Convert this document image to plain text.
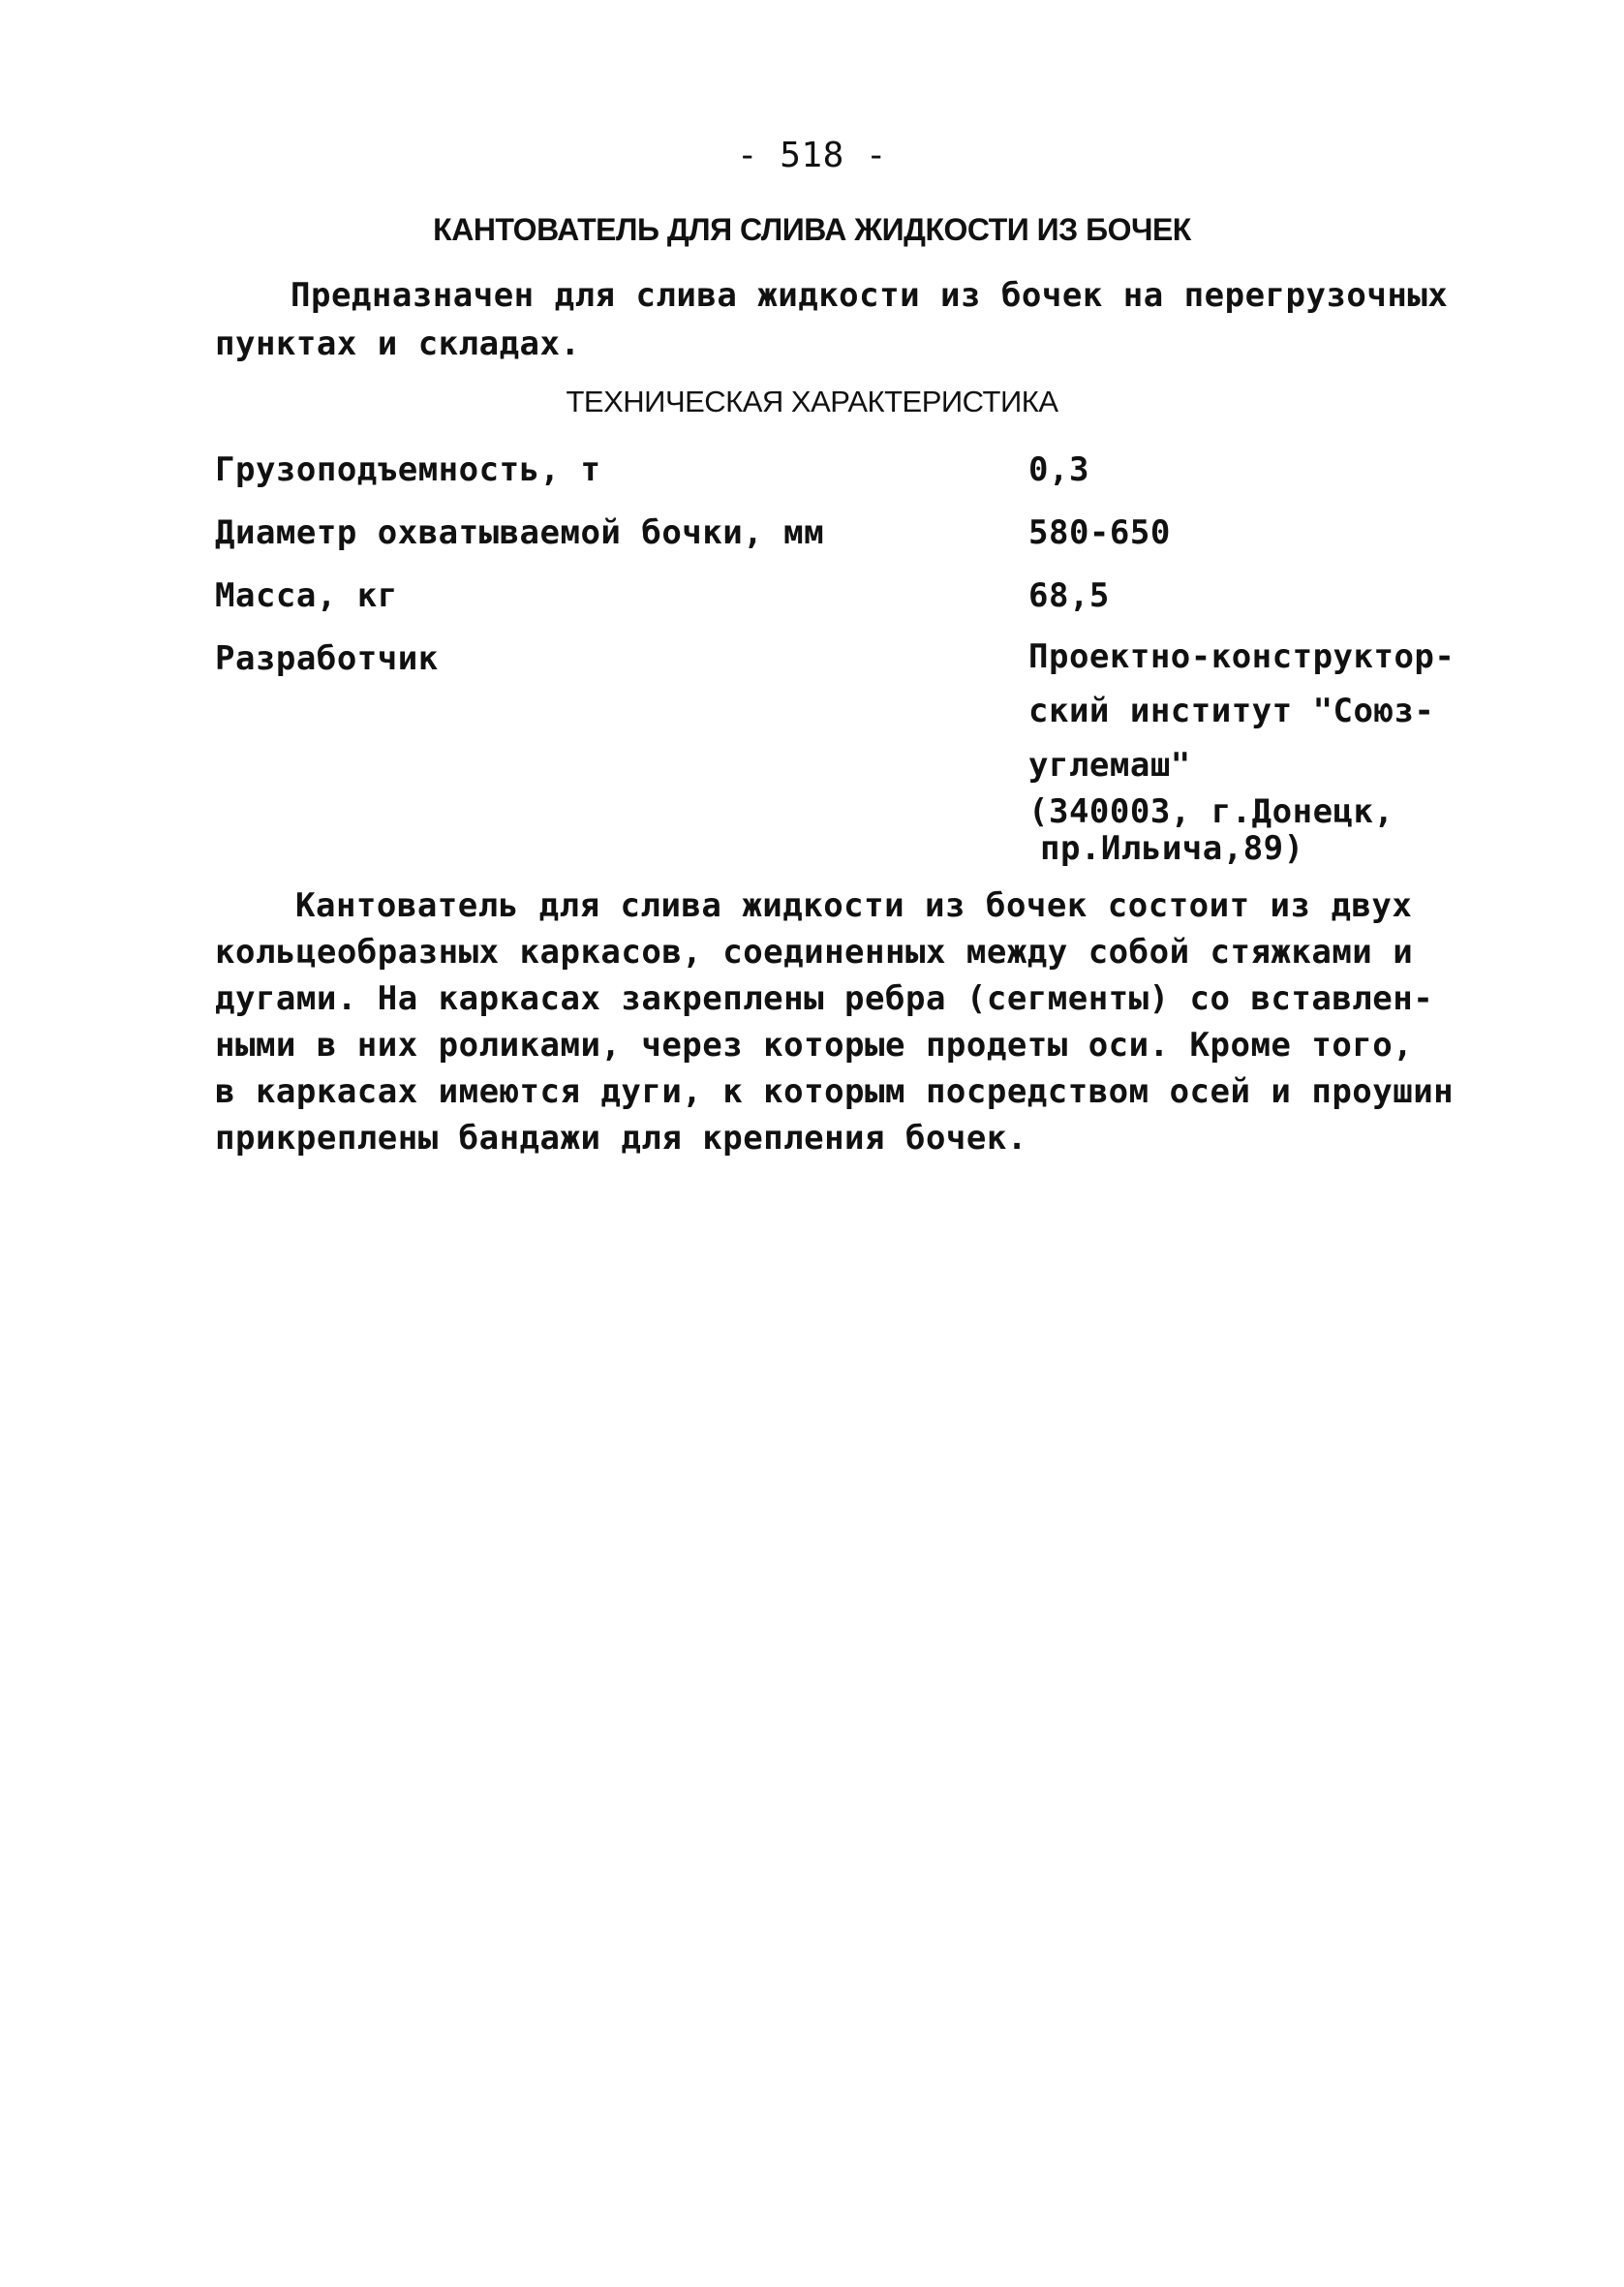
- 518 -
КАНТОВАТЕЛЬ ДЛЯ СЛИВА ЖИДКОСТИ ИЗ БОЧЕК
Предназначен для слива жидкости из бочек на перегрузочных
пунктах и складах.
ТЕХНИЧЕСКАЯ ХАРАКТЕРИСТИКА
Грузоподъемность, т	0,3
Диаметр охватываемой бочки, мм	580-650
Масса, кг	68,5
Разработчик	Проектно-конструктор-
ский институт "Союз-
углемаш"
(340003, г.Донецк,
пр.Ильича,89)
Кантователь для слива жидкости из бочек состоит из двух
кольцеобразных каркасов, соединенных между собой стяжками и
дугами. На каркасах закреплены ребра (сегменты) со вставлен-
ными в них роликами, через которые продеты оси. Кроме того,
в каркасах имеются дуги, к которым посредством осей и проушин
прикреплены бандажи для крепления бочек.
